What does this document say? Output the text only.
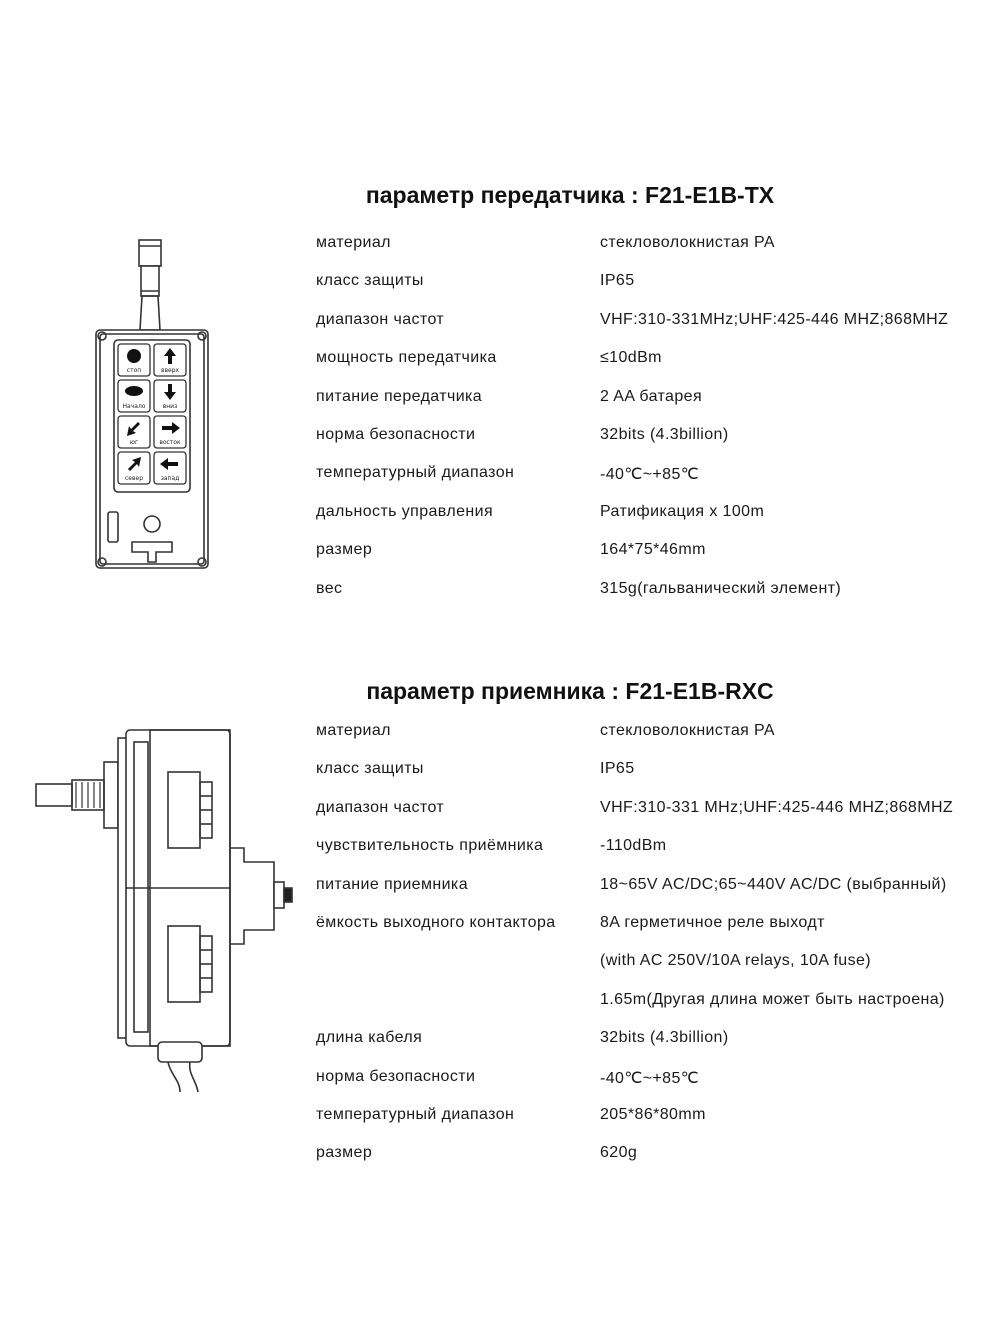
параметр передатчика : F21-E1B-TX
стоп	вверх
Начало	вниз
юг	восток
север	запад
материал	стекловолокнистая PA
класс защиты	IP65
диапазон частот	VHF:310-331MHz;UHF:425-446 MHZ;868MHZ
мощность передатчика	≤10dBm
питание передатчика	2 AA батарея
норма безопасности	32bits (4.3billion)
температурный диапазон	-40℃~+85℃
дальность управления	Ратификация x 100m
размер	164*75*46mm
вес	315g(гальванический элемент)
параметр приемника : F21-E1B-RXC
материал	стекловолокнистая PA
класс защиты	IP65
диапазон частот	VHF:310-331 MHz;UHF:425-446 MHZ;868MHZ
чувствительность приёмника	-110dBm
питание приемника	18~65V AC/DC;65~440V AC/DC (выбранный)
ёмкость выходного контактора	8A герметичное реле выходт
(with AC 250V/10A relays, 10A fuse)
1.65m(Другая длина может быть настроена)
длина кабеля	32bits (4.3billion)
норма безопасности	-40℃~+85℃
температурный диапазон	205*86*80mm
размер	620g
